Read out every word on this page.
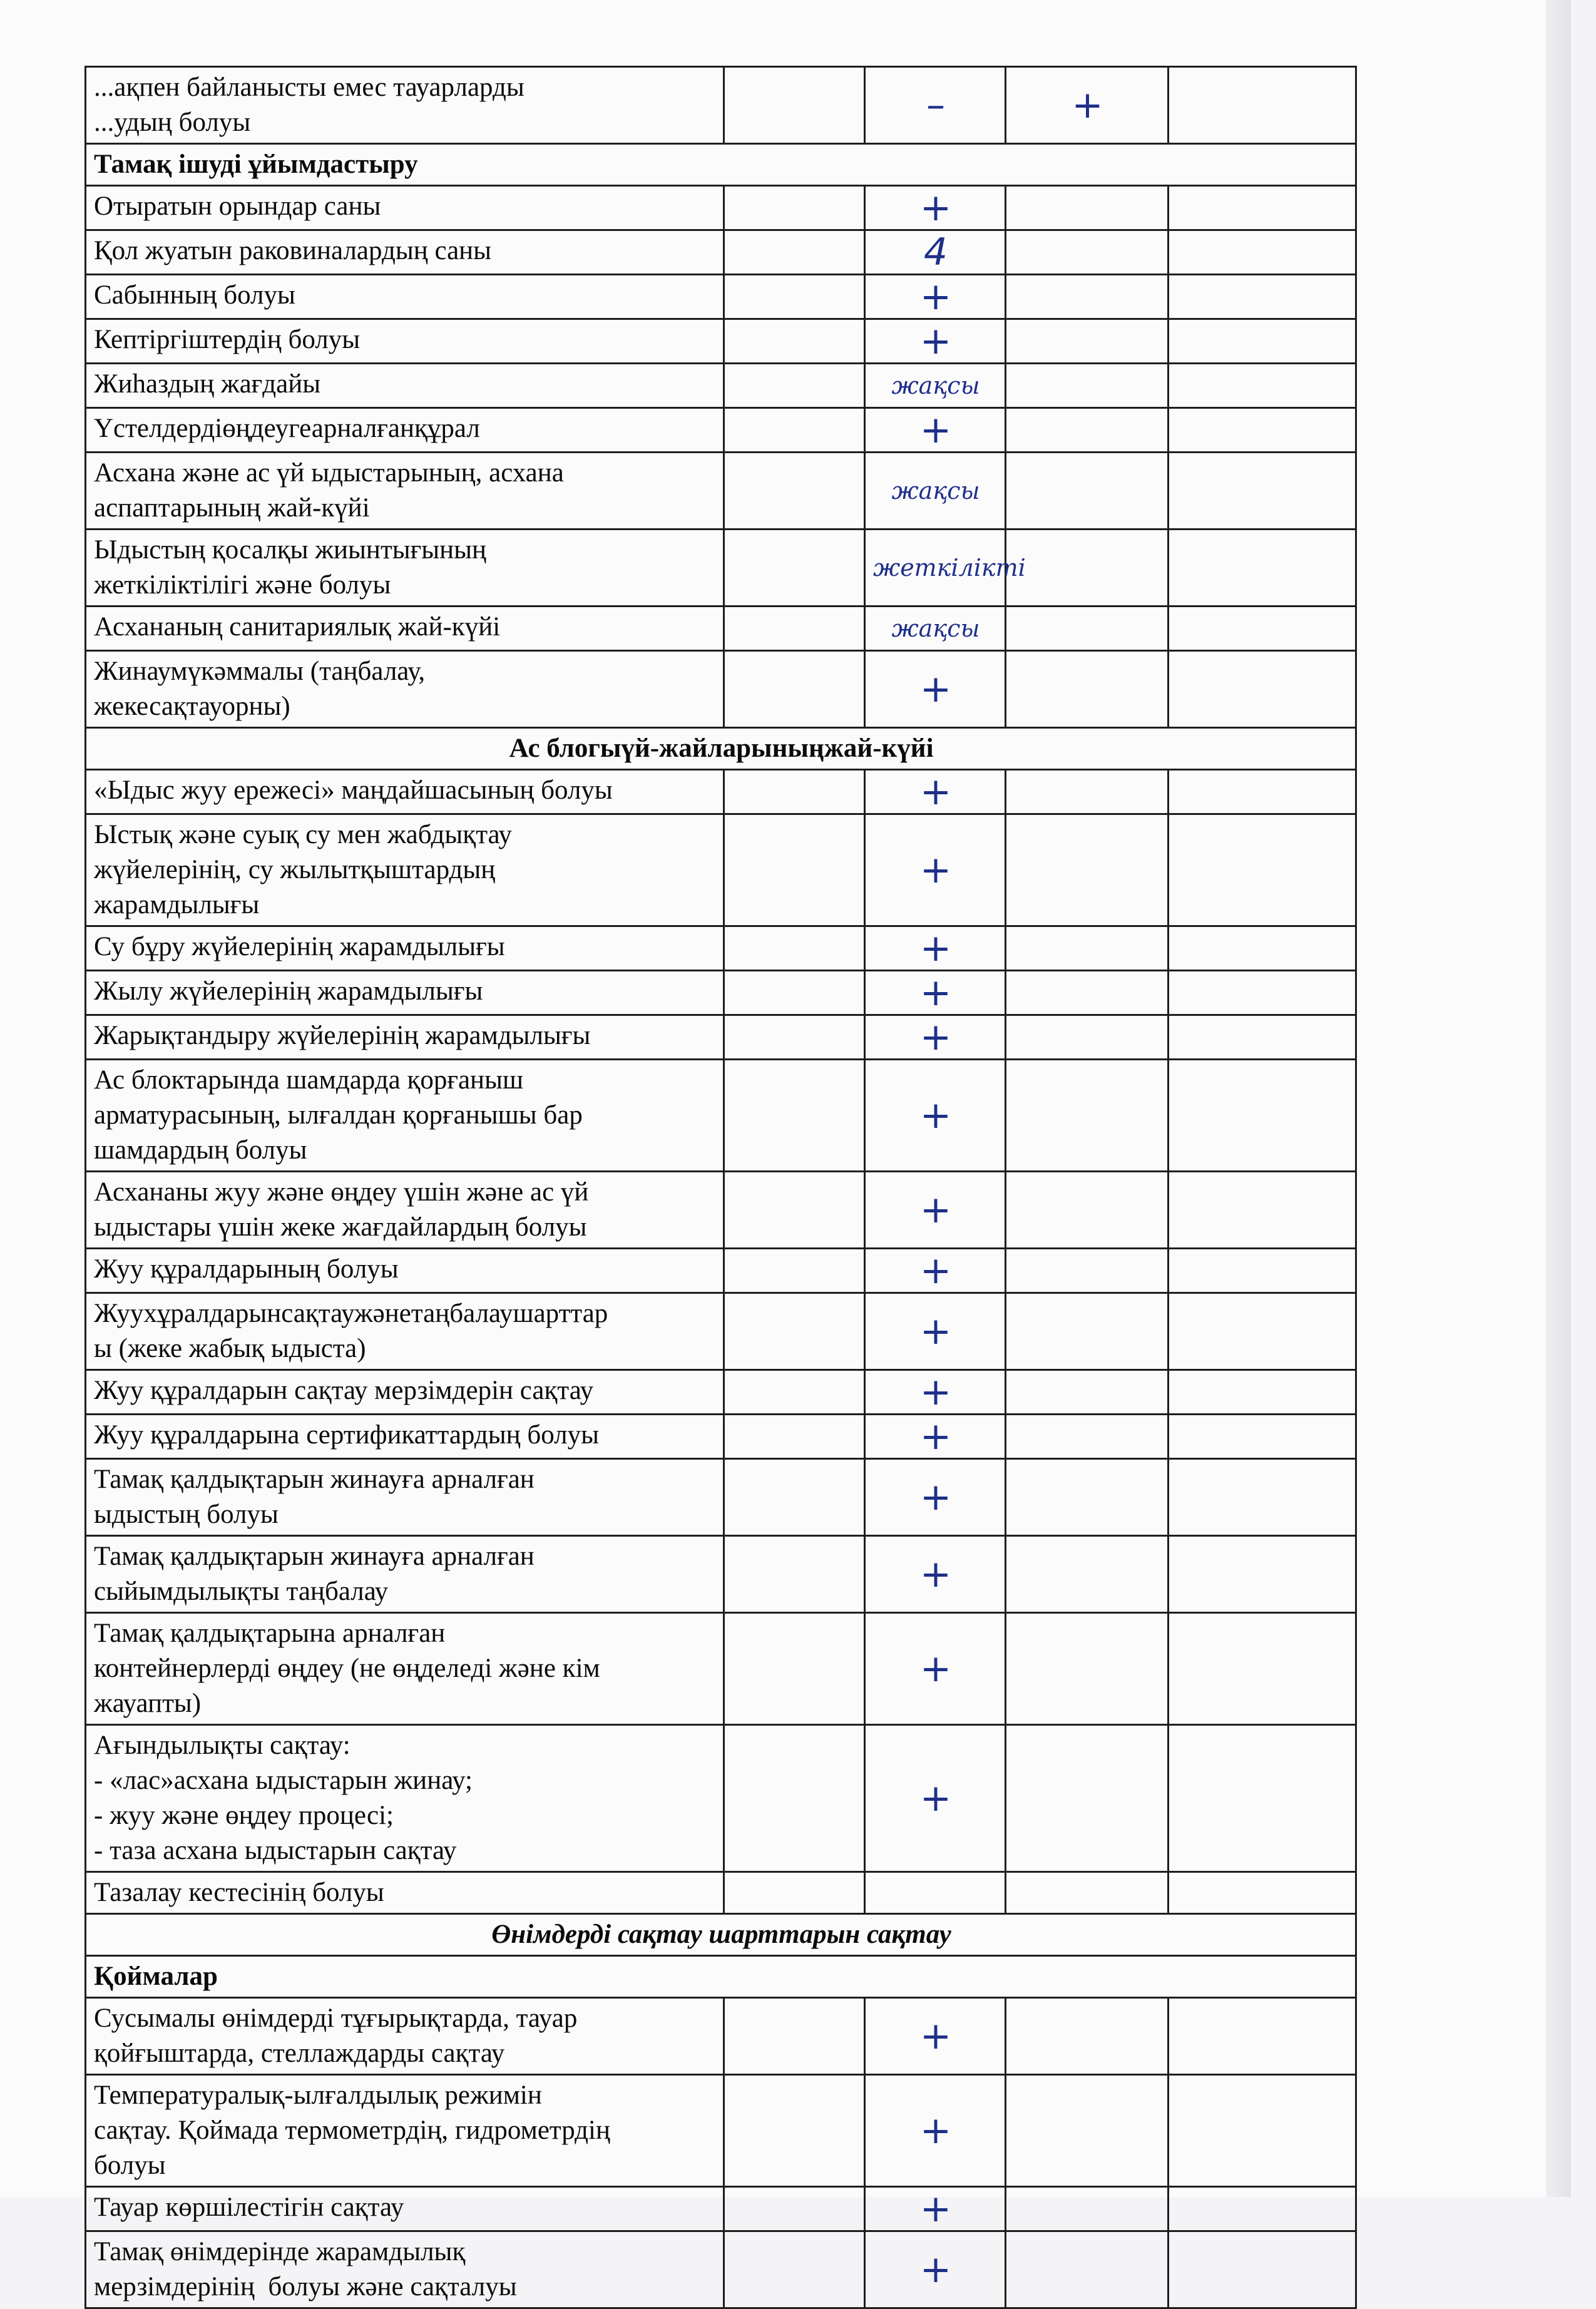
...ақпен байланысты емес тауарларды
...удың болуы		–	+	
Тамақ ішуді ұйымдастыру				

Отыратын орындар саны		+		

Қол жуатын раковиналардың саны		4		

Сабынның болуы		+		

Кептіргіштердің болуы		+		

Жиһаздың жағдайы		жақсы		

Үстелдердіөңдеугеарналғанқұрал		+		

Асхана және ас үй ыдыстарының, асхана
аспаптарының жай-күйі		жақсы		

Ыдыстың қосалқы жиынтығының
жеткіліктілігі және болуы		жеткілікті		

Асхананың санитариялық жай-күйі		жақсы		

Жинаумүкәммалы (таңбалау,
жекесақтауорны)		+		
Ас блогыүй-жайларыныңжай-күйі				

«Ыдыс жуу ережесі» маңдайшасының болуы		+		

Ыстық және суық су мен жабдықтау
жүйелерінің, су жылытқыштардың
жарамдылығы		+		

Су бұру жүйелерінің жарамдылығы		+		

Жылу жүйелерінің жарамдылығы		+		

Жарықтандыру жүйелерінің жарамдылығы		+		

Ас блоктарында шамдарда қорғаныш
арматурасының, ылғалдан қорғанышы бар
шамдардың болуы		+		

Асхананы жуу және өңдеу үшін және ас үй
ыдыстары үшін жеке жағдайлардың болуы		+		

Жуу құралдарының болуы		+		

Жуухұралдарынсақтаужәнетаңбалаушарттар
ы (жеке жабық ыдыста)		+		

Жуу құралдарын сақтау мерзімдерін сақтау		+		

Жуу құралдарына сертификаттардың болуы		+		

Тамақ қалдықтарын жинауға арналған
ыдыстың болуы		+		

Тамақ қалдықтарын жинауға арналған
сыйымдылықты таңбалау		+		

Тамақ қалдықтарына арналған
контейнерлерді өңдеу (не өңделеді және кім
жауапты)		+		

Ағындылықты сақтау:
- «лас»асхана ыдыстарын жинау;
- жуу және өңдеу процесі;
- таза асхана ыдыстарын сақтау		+		

Тазалау кестесінің болуы				

Өнімдерді сақтау шарттарын сақтау				
Қоймалар				

Сусымалы өнімдерді тұғырықтарда, тауар
қойғыштарда, стеллаждарды сақтау		+		

Температуралық-ылғалдылық режимін
сақтау. Қоймада термометрдің, гидрометрдің
болуы		+		

Тауар көршілестігін сақтау		+		

Тамақ өнімдерінде жарамдылық
мерзімдерінің  болуы және сақталуы		+		
